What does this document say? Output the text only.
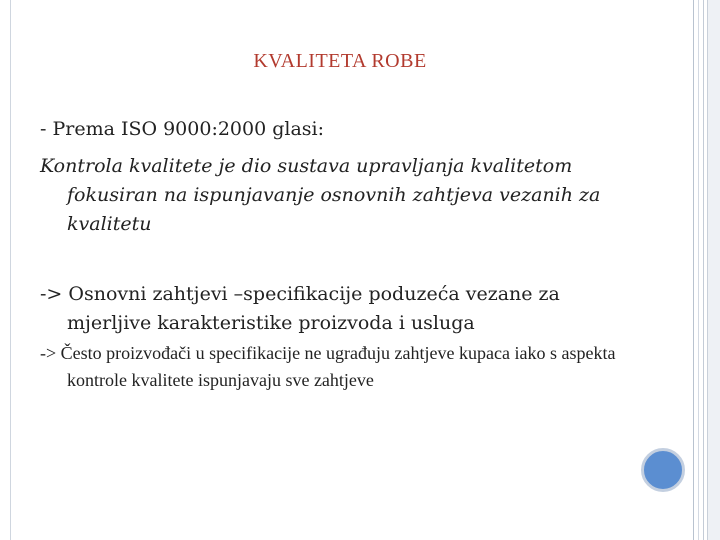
KVALITETA ROBE
- Prema ISO 9000:2000 glasi:
Kontrola kvalitete je dio sustava upravljanja kvalitetom fokusiran na ispunjavanje osnovnih zahtjeva vezanih za kvalitetu
-> Osnovni zahtjevi –specifikacije poduzeća vezane za mjerljive karakteristike proizvoda i usluga
-> Često proizvođači u specifikacije ne ugrađuju zahtjeve kupaca iako s aspekta kontrole kvalitete ispunjavaju sve zahtjeve
